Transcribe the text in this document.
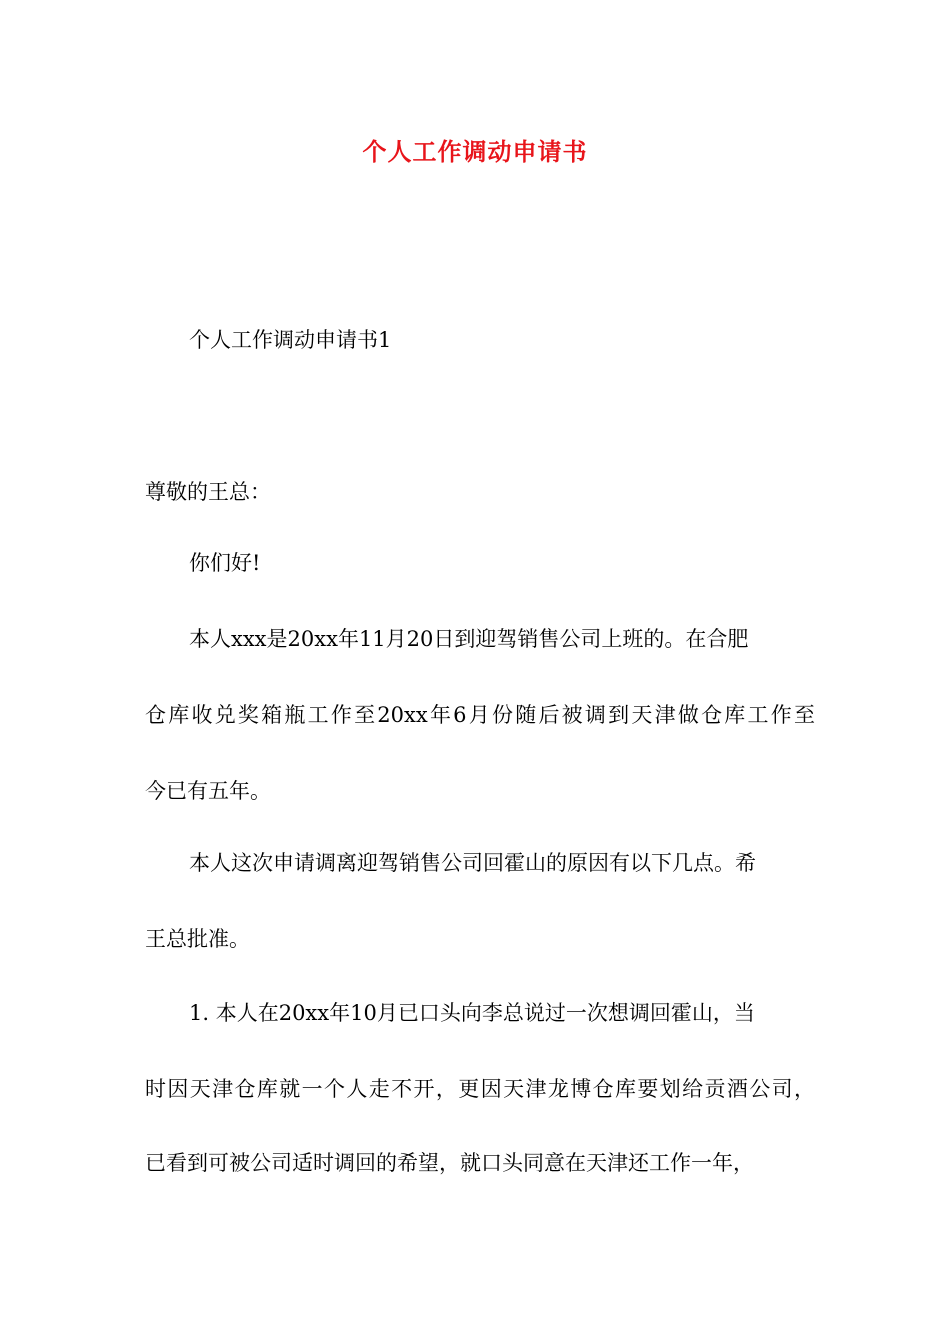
个人工作调动申请书
个人工作调动申请书1
尊敬的王总：
你们好!
本人xxx是20xx年11月20日到迎驾销售公司上班的。在合肥
仓库收兑奖箱瓶工作至20xx年6月份随后被调到天津做仓库工作至
今已有五年。
本人这次申请调离迎驾销售公司回霍山的原因有以下几点。希
王总批准。
1. 本人在20xx年10月已口头向李总说过一次想调回霍山，当
时因天津仓库就一个人走不开，更因天津龙博仓库要划给贡酒公司，
已看到可被公司适时调回的希望，就口头同意在天津还工作一年，
